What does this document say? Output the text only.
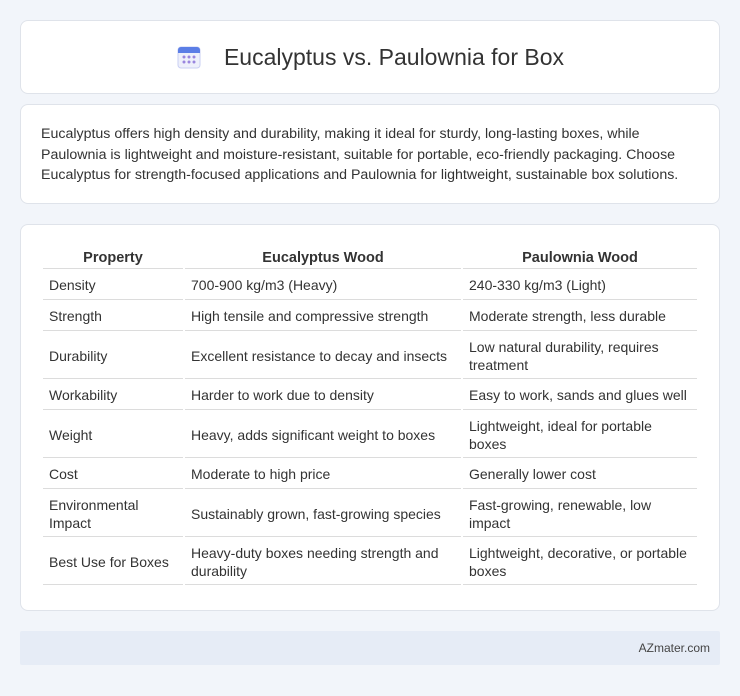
Eucalyptus vs. Paulownia for Box

Eucalyptus offers high density and durability, making it ideal for sturdy, long-lasting boxes, while Paulownia is lightweight and moisture-resistant, suitable for portable, eco-friendly packaging. Choose Eucalyptus for strength-focused applications and Paulownia for lightweight, sustainable box solutions.

Property	Eucalyptus Wood	Paulownia Wood
Density	700-900 kg/m3 (Heavy)	240-330 kg/m3 (Light)
Strength	High tensile and compressive strength	Moderate strength, less durable
Durability	Excellent resistance to decay and insects	Low natural durability, requires treatment
Workability	Harder to work due to density	Easy to work, sands and glues well
Weight	Heavy, adds significant weight to boxes	Lightweight, ideal for portable boxes
Cost	Moderate to high price	Generally lower cost
Environmental Impact	Sustainably grown, fast-growing species	Fast-growing, renewable, low impact
Best Use for Boxes	Heavy-duty boxes needing strength and durability	Lightweight, decorative, or portable boxes
AZmater.com
